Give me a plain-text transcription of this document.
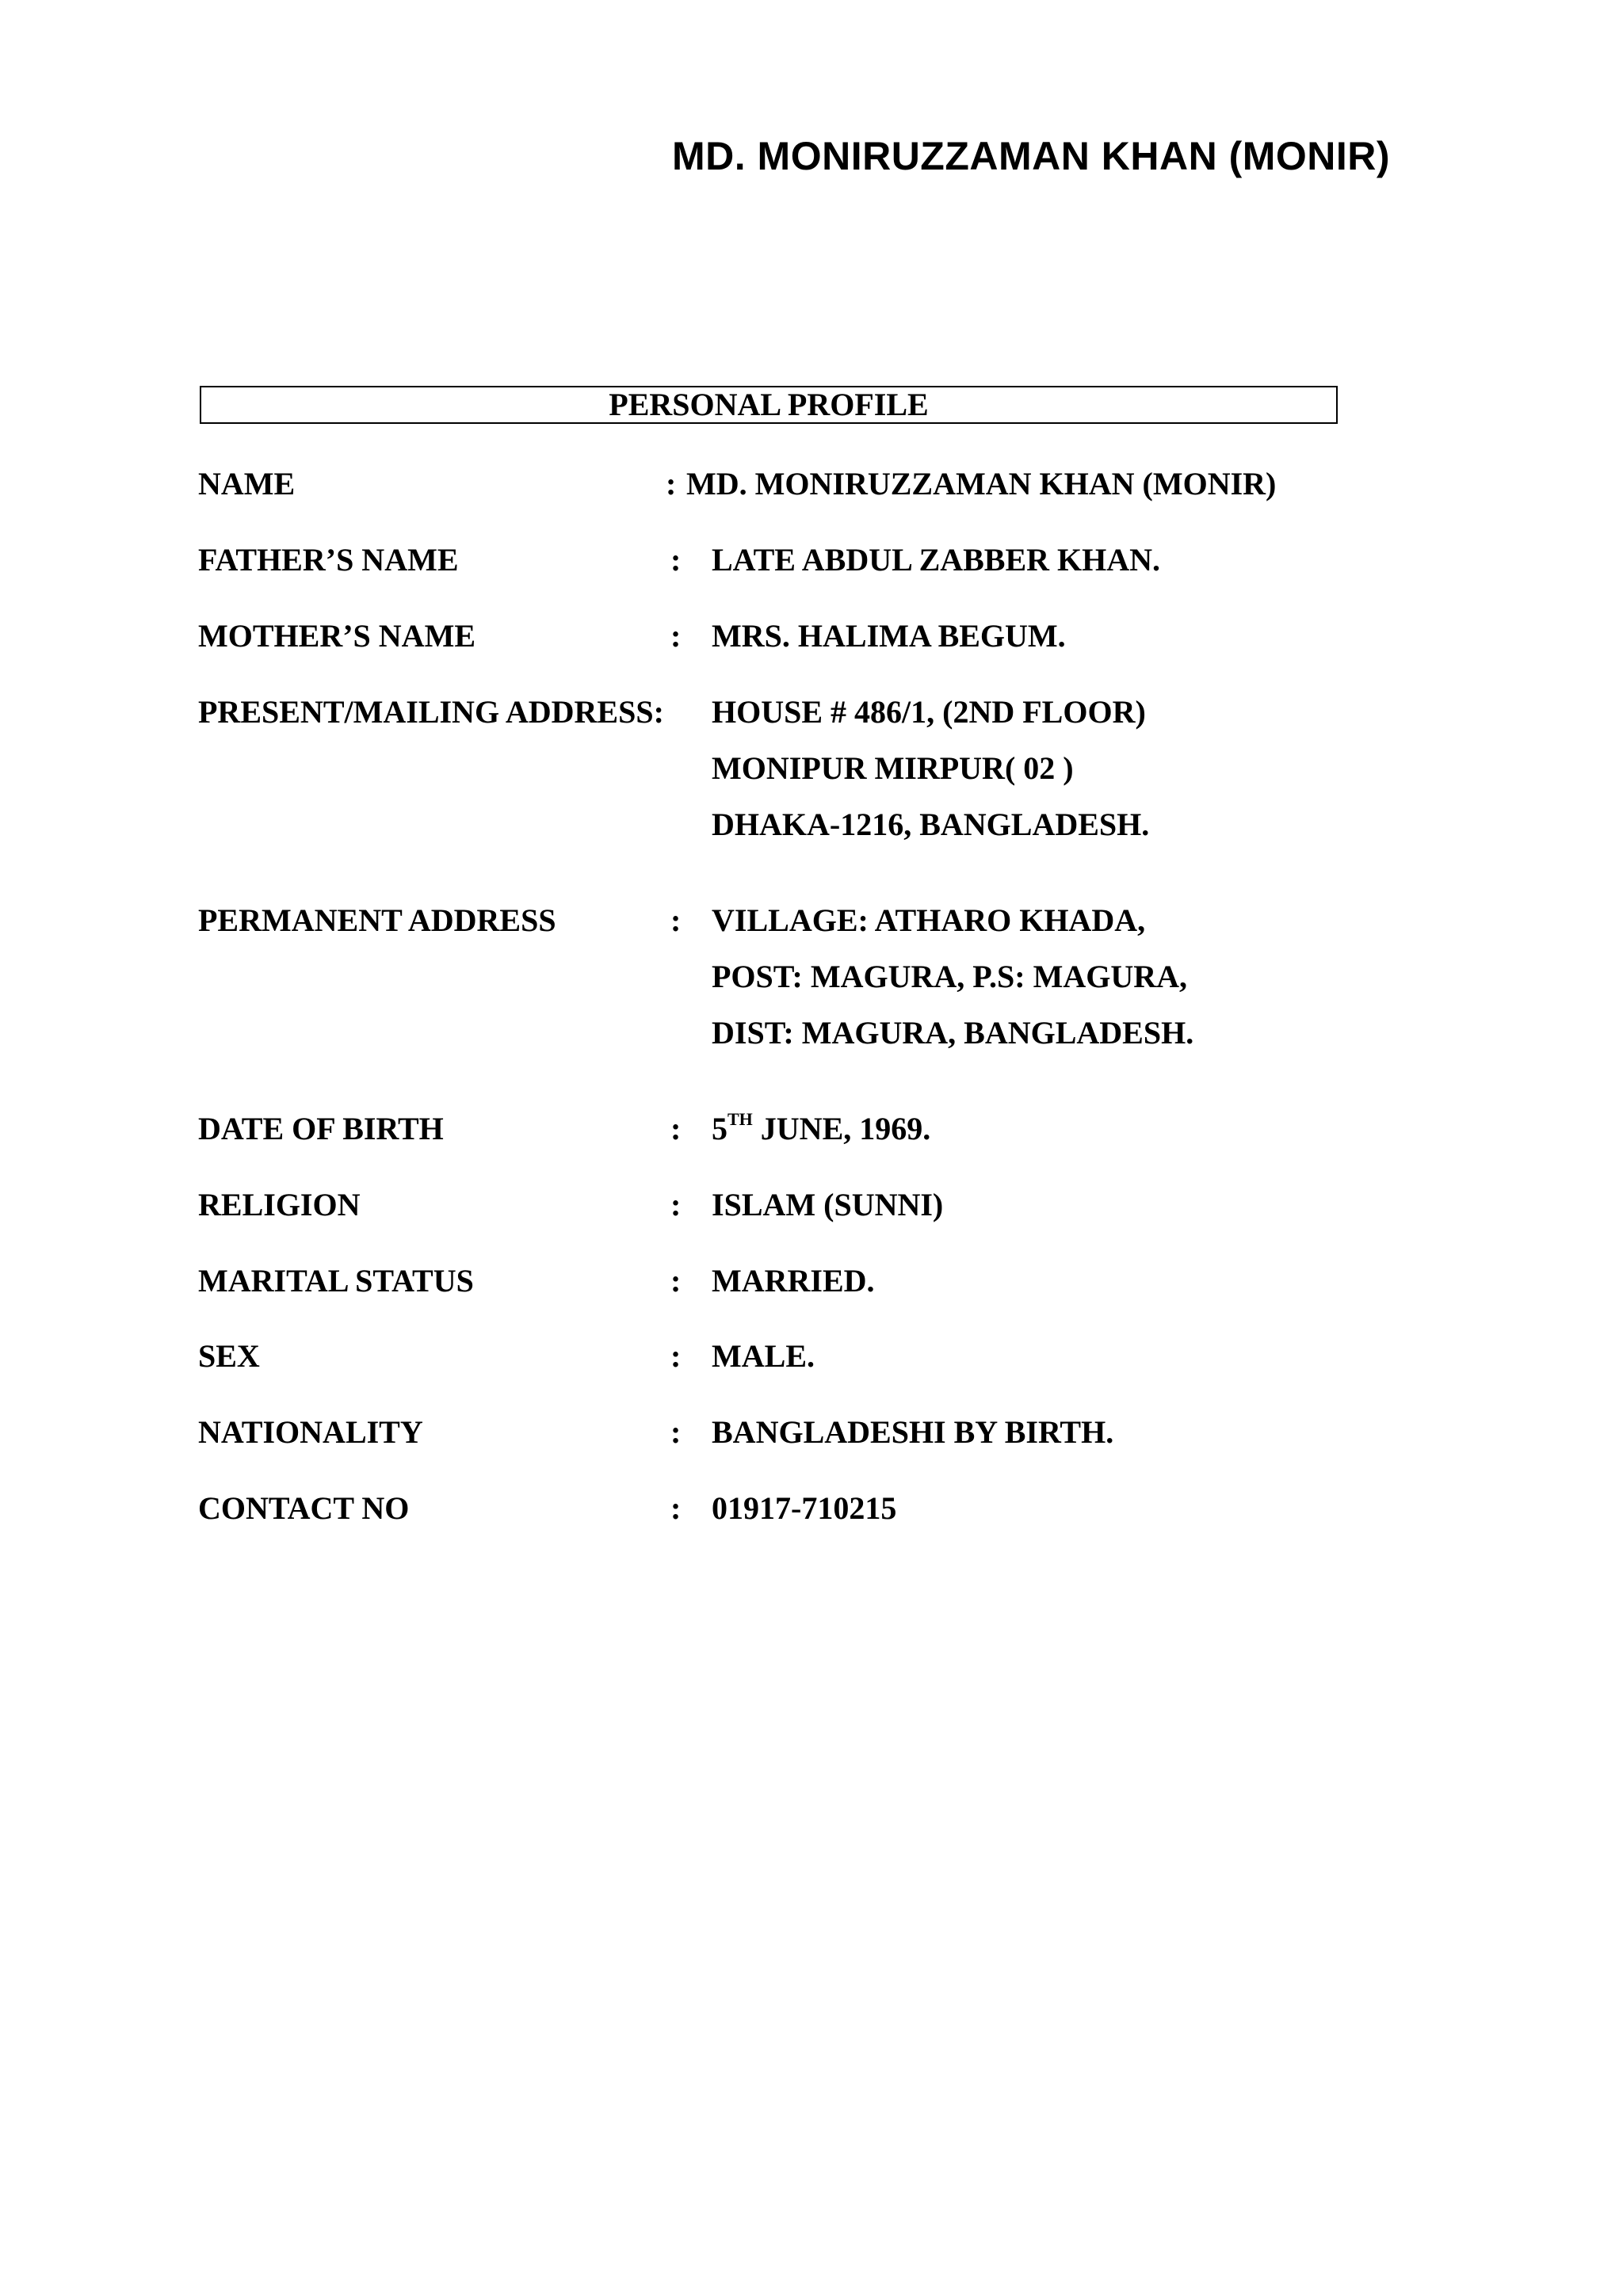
MD. MONIRUZZAMAN KHAN (MONIR)
PERSONAL PROFILE
NAME	: MD. MONIRUZZAMAN KHAN (MONIR)
FATHER’S NAME	: LATE ABDUL ZABBER KHAN.
MOTHER’S NAME	: MRS. HALIMA BEGUM.
PRESENT/MAILING ADDRESS: HOUSE # 486/1, (2ND FLOOR)
MONIPUR MIRPUR( 02 )
DHAKA-1216, BANGLADESH.
PERMANENT ADDRESS	: VILLAGE: ATHARO KHADA,
POST: MAGURA, P.S: MAGURA,
DIST: MAGURA, BANGLADESH.
DATE OF BIRTH	: 5TH JUNE, 1969.
RELIGION	: ISLAM (SUNNI)
MARITAL STATUS	: MARRIED.
SEX	: MALE.
NATIONALITY	: BANGLADESHI BY BIRTH.
CONTACT NO	: 01917-710215
